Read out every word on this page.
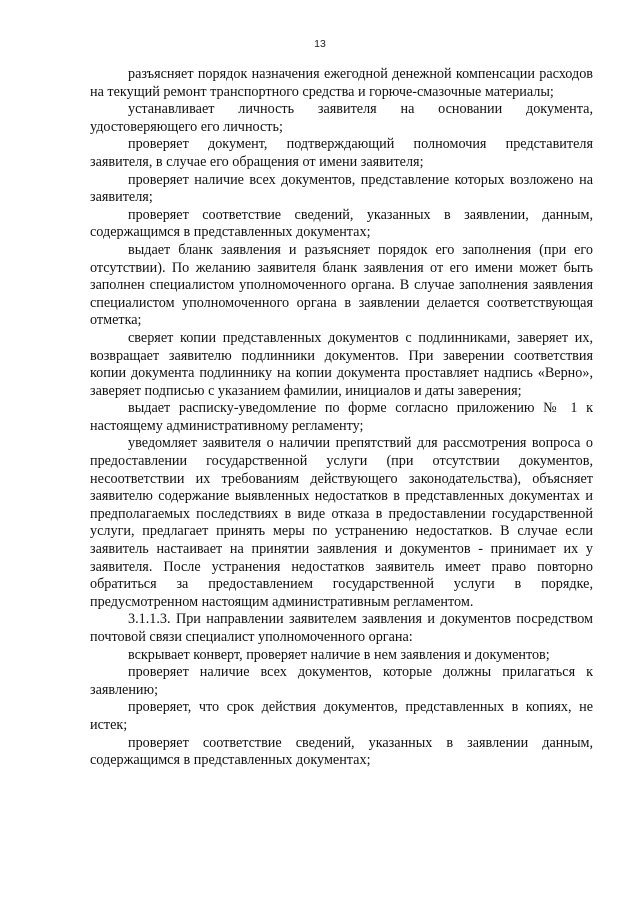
13

разъясняет порядок назначения ежегодной денежной компенсации расходов на текущий ремонт транспортного средства и горюче-смазочные материалы;

устанавливает личность заявителя на основании документа, удостоверяющего его личность;

проверяет документ, подтверждающий полномочия представителя заявителя, в случае его обращения от имени заявителя;

проверяет наличие всех документов, представление которых возложено на заявителя;

проверяет соответствие сведений, указанных в заявлении, данным, содержащимся в представленных документах;

выдает бланк заявления и разъясняет порядок его заполнения (при его отсутствии). По желанию заявителя бланк заявления от его имени может быть заполнен специалистом уполномоченного органа. В случае заполнения заявления специалистом уполномоченного органа в заявлении делается соответствующая отметка;

сверяет копии представленных документов с подлинниками, заверяет их, возвращает заявителю подлинники документов. При заверении соответствия копии документа подлиннику на копии документа проставляет надпись «Верно», заверяет подписью с указанием фамилии, инициалов и даты заверения;

выдает расписку-уведомление по форме согласно приложению № 1 к настоящему административному регламенту;

уведомляет заявителя о наличии препятствий для рассмотрения вопроса о предоставлении государственной услуги (при отсутствии документов, несоответствии их требованиям действующего законодательства), объясняет заявителю содержание выявленных недостатков в представленных документах и предполагаемых последствиях в виде отказа в предоставлении государственной услуги, предлагает принять меры по устранению недостатков. В случае если заявитель настаивает на принятии заявления и документов - принимает их у заявителя. После устранения недостатков заявитель имеет право повторно обратиться за предоставлением государственной услуги в порядке, предусмотренном настоящим административным регламентом.

3.1.1.3. При направлении заявителем заявления и документов посредством почтовой связи специалист уполномоченного органа:

вскрывает конверт, проверяет наличие в нем заявления и документов;

проверяет наличие всех документов, которые должны прилагаться к заявлению;

проверяет, что срок действия документов, представленных в копиях, не истек;

проверяет соответствие сведений, указанных в заявлении данным, содержащимся в представленных документах;
